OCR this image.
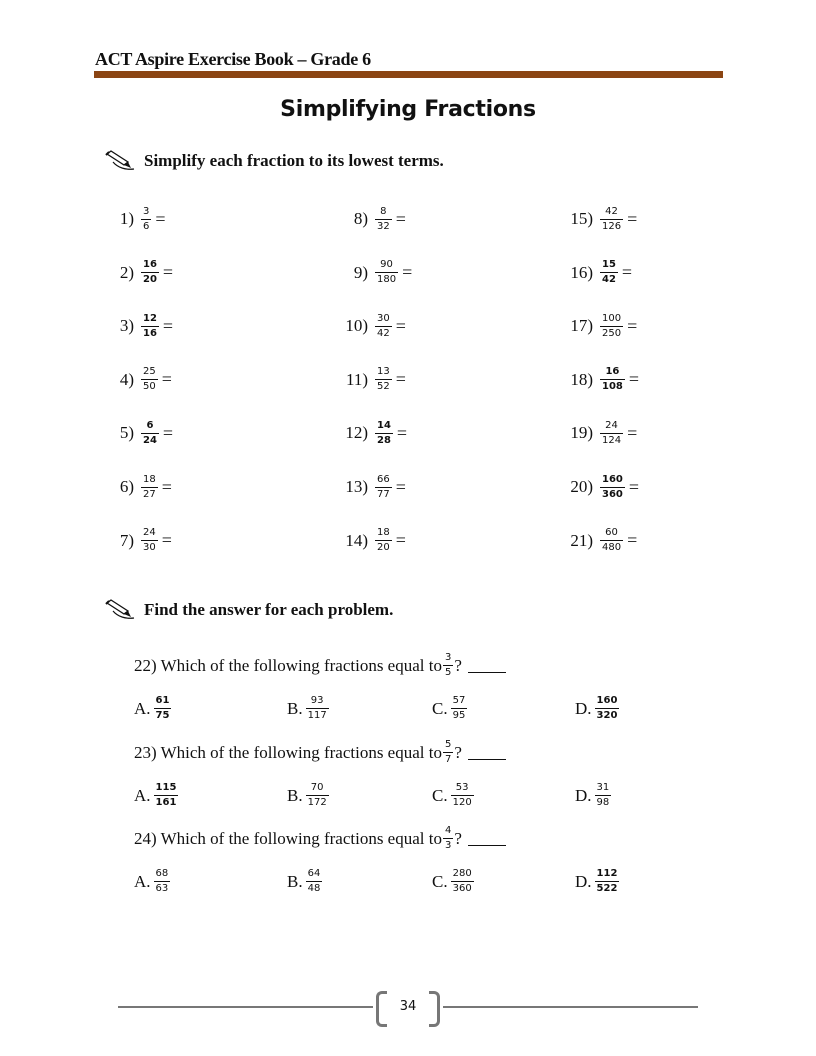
ACT Aspire Exercise Book – Grade 6
Simplifying Fractions
Simplify each fraction to its lowest terms.
$1) \frac{3}{6}$ =
$2) \frac{16}{20}$ =
$3) \frac{12}{16}$ =
$4) \frac{25}{50}$ =
$5) \frac{6}{24}$ =
$6) \frac{18}{27}$ =
$7) \frac{24}{30}$ =
$8) \frac{8}{32}$ =
$9) \frac{90}{180}$ =
$10) \frac{30}{42}$ =
$11) \frac{13}{52}$ =
$12) \frac{14}{28}$ =
$13) \frac{66}{77}$ =
$14) \frac{18}{20}$ =
$15) \frac{42}{126}$ =
$16) \frac{15}{42}$ =
$17) \frac{100}{250}$ =
$18) \frac{16}{108}$ =
$19) \frac{24}{124}$ =
$20) \frac{160}{360}$ =
$21) \frac{60}{480}$ =
Find the answer for each problem.
22) Which of the following fractions equal to $\frac{3}{5}$ ?
A. $\frac{61}{75}$	B. $\frac{93}{117}$	C. $\frac{57}{95}$	D. $\frac{160}{320}$
23) Which of the following fractions equal to $\frac{5}{7}$ ?
A. $\frac{115}{161}$	B. $\frac{70}{172}$	C. $\frac{53}{120}$	D. $\frac{31}{98}$
24) Which of the following fractions equal to $\frac{4}{3}$ ?
A. $\frac{68}{63}$	B. $\frac{64}{48}$	C. $\frac{280}{360}$	D. $\frac{112}{522}$
34
